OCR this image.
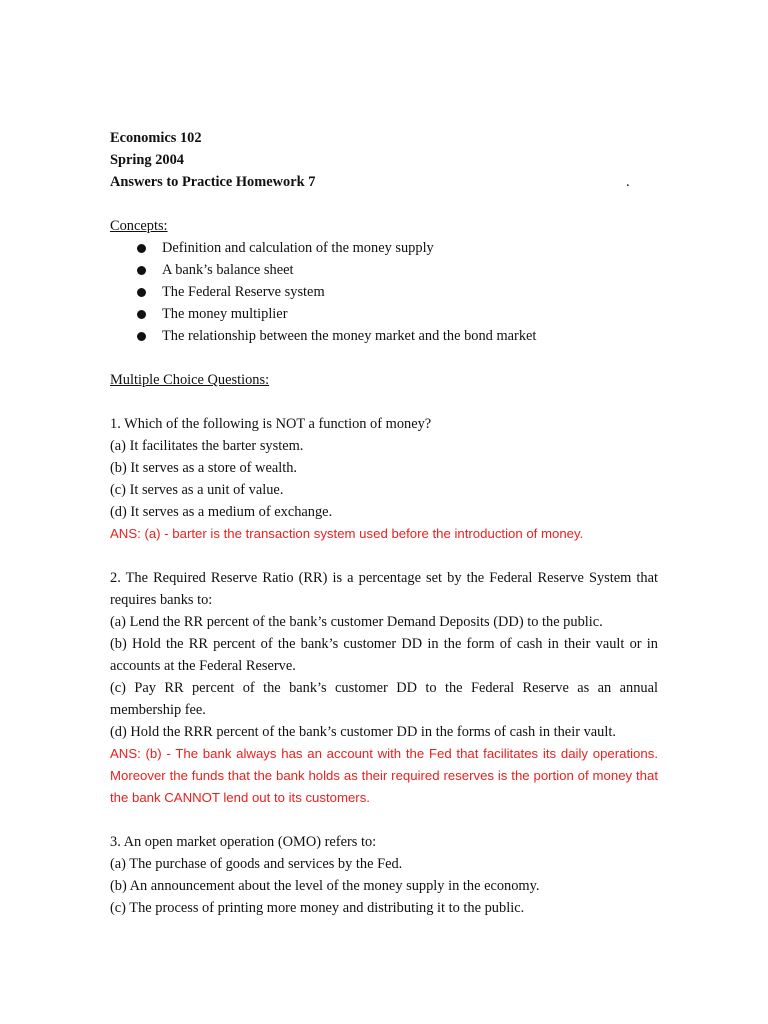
Economics 102
Spring 2004
Answers to Practice Homework 7	.
Concepts:
Definition and calculation of the money supply
A bank’s balance sheet
The Federal Reserve system
The money multiplier
The relationship between the money market and the bond market
Multiple Choice Questions:
1. Which of the following is NOT a function of money?
(a) It facilitates the barter system.
(b) It serves as a store of wealth.
(c) It serves as a unit of value.
(d) It serves as a medium of exchange.
ANS: (a) - barter is the transaction system used before the introduction of money.
2. The Required Reserve Ratio (RR) is a percentage set by the Federal Reserve System that requires banks to:
(a) Lend the RR percent of the bank’s customer Demand Deposits (DD) to the public.
(b) Hold the RR percent of the bank’s customer DD in the form of cash in their vault or in accounts at the Federal Reserve.
(c) Pay RR percent of the bank’s customer DD to the Federal Reserve as an annual membership fee.
(d) Hold the RRR percent of the bank’s customer DD in the forms of cash in their vault.
ANS: (b) - The bank always has an account with the Fed that facilitates its daily operations. Moreover the funds that the bank holds as their required reserves is the portion of money that the bank CANNOT lend out to its customers.
3. An open market operation (OMO) refers to:
(a) The purchase of goods and services by the Fed.
(b) An announcement about the level of the money supply in the economy.
(c) The process of printing more money and distributing it to the public.
